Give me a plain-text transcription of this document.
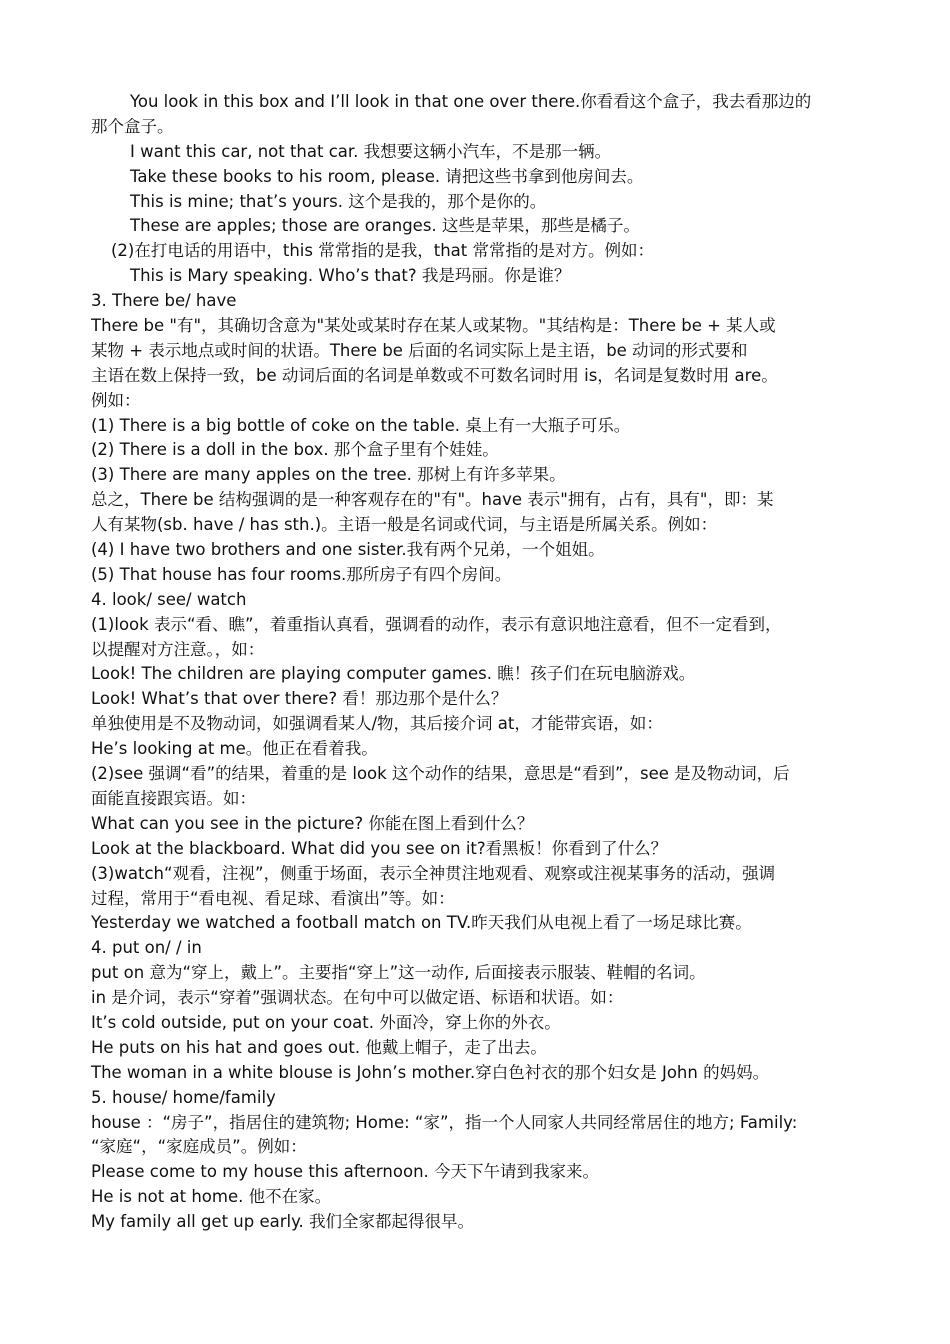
You look in this box and I’ll look in that one over there.你看看这个盒子，我去看那边的
那个盒子。
I want this car, not that car. 我想要这辆小汽车，不是那一辆。
Take these books to his room, please. 请把这些书拿到他房间去。
This is mine; that’s yours. 这个是我的，那个是你的。
These are apples; those are oranges. 这些是苹果，那些是橘子。
(2)在打电话的用语中，this 常常指的是我，that 常常指的是对方。例如：
This is Mary speaking. Who’s that? 我是玛丽。你是谁？
3. There be/ have
There be "有"，其确切含意为"某处或某时存在某人或某物。"其结构是：There be + 某人或
某物 + 表示地点或时间的状语。There be 后面的名词实际上是主语，be 动词的形式要和
主语在数上保持一致，be 动词后面的名词是单数或不可数名词时用 is，名词是复数时用 are。
例如：
(1) There is a big bottle of coke on the table. 桌上有一大瓶子可乐。
(2) There is a doll in the box. 那个盒子里有个娃娃。
(3) There are many apples on the tree. 那树上有许多苹果。
总之，There be 结构强调的是一种客观存在的"有"。have 表示"拥有，占有，具有"，即：某
人有某物(sb. have / has sth.)。主语一般是名词或代词，与主语是所属关系。例如：
(4) I have two brothers and one sister.我有两个兄弟，一个姐姐。
(5) That house has four rooms.那所房子有四个房间。
4. look/ see/ watch
(1)look 表示“看、瞧”，着重指认真看，强调看的动作，表示有意识地注意看，但不一定看到，
以提醒对方注意。，如：
Look! The children are playing computer games. 瞧！孩子们在玩电脑游戏。
Look! What’s that over there? 看！那边那个是什么？
单独使用是不及物动词，如强调看某人/物，其后接介词 at，才能带宾语，如：
He’s looking at me。他正在看着我。
(2)see 强调“看”的结果，着重的是 look 这个动作的结果，意思是“看到”，see 是及物动词，后
面能直接跟宾语。如：
What can you see in the picture? 你能在图上看到什么？
Look at the blackboard. What did you see on it?看黑板！你看到了什么？
(3)watch“观看，注视”，侧重于场面，表示全神贯注地观看、观察或注视某事务的活动，强调
过程，常用于“看电视、看足球、看演出”等。如：
Yesterday we watched a football match on TV.昨天我们从电视上看了一场足球比赛。
4. put on/ / in
put on 意为“穿上，戴上”。主要指“穿上”这一动作, 后面接表示服装、鞋帽的名词。
in 是介词，表示“穿着”强调状态。在句中可以做定语、标语和状语。如：
It’s cold outside, put on your coat. 外面冷，穿上你的外衣。
He puts on his hat and goes out. 他戴上帽子，走了出去。
The woman in a white blouse is John’s mother.穿白色衬衣的那个妇女是 John 的妈妈。
5. house/ home/family
house ：“房子”，指居住的建筑物; Home: “家”，指一个人同家人共同经常居住的地方; Family:
“家庭“，“家庭成员”。例如：
Please come to my house this afternoon. 今天下午请到我家来。
He is not at home. 他不在家。
My family all get up early. 我们全家都起得很早。
